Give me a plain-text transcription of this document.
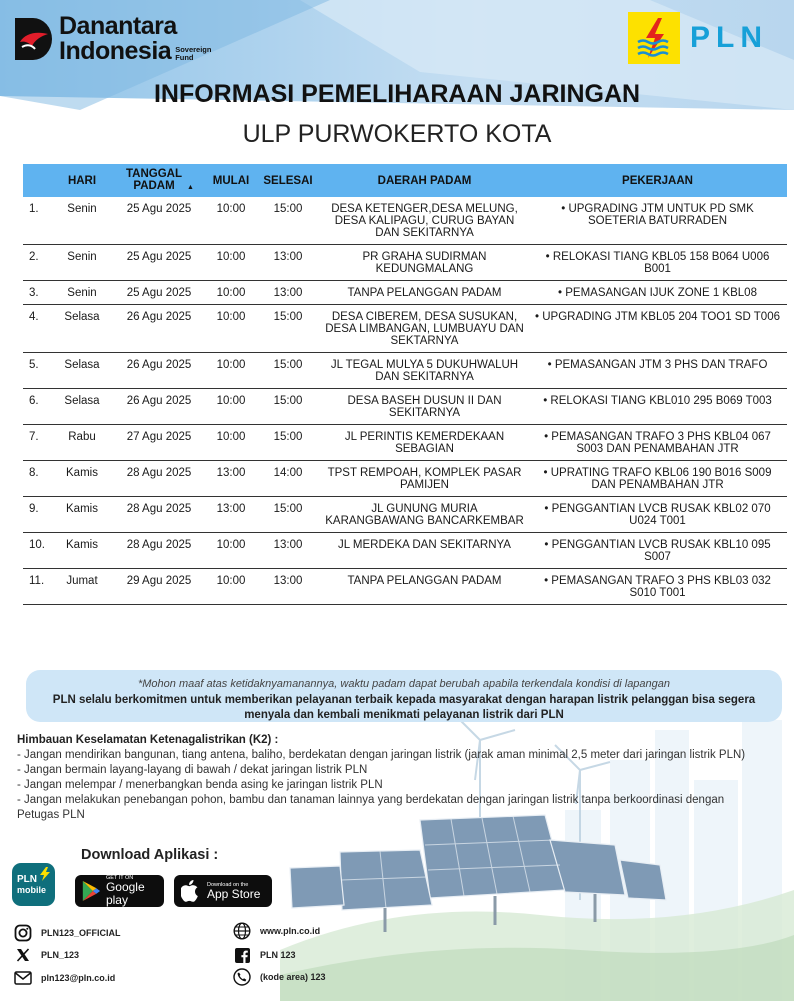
Danantara
Indonesia Sovereign
Fund
PLN
INFORMASI PEMELIHARAAN JARINGAN
ULP PURWOKERTO KOTA
	HARI	TANGGAL PADAM ▲	MULAI	SELESAI	DAERAH PADAM	PEKERJAAN
1.	Senin	25 Agu 2025	10:00	15:00	DESA KETENGER,DESA MELUNG, DESA KALIPAGU, CURUG BAYAN DAN SEKITARNYA	• UPGRADING JTM UNTUK PD SMK SOETERIA BATURRADEN
2.	Senin	25 Agu 2025	10:00	13:00	PR GRAHA SUDIRMAN KEDUNGMALANG	• RELOKASI TIANG KBL05 158 B064 U006 B001
3.	Senin	25 Agu 2025	10:00	13:00	TANPA PELANGGAN PADAM	• PEMASANGAN IJUK ZONE 1 KBL08
4.	Selasa	26 Agu 2025	10:00	15:00	DESA CIBEREM, DESA SUSUKAN, DESA LIMBANGAN, LUMBUAYU DAN SEKTARNYA	• UPGRADING JTM KBL05 204 TOO1 SD T006
5.	Selasa	26 Agu 2025	10:00	15:00	JL TEGAL MULYA 5 DUKUHWALUH DAN SEKITARNYA	• PEMASANGAN JTM 3 PHS DAN TRAFO
6.	Selasa	26 Agu 2025	10:00	15:00	DESA BASEH DUSUN II DAN SEKITARNYA	• RELOKASI TIANG KBL010 295 B069 T003
7.	Rabu	27 Agu 2025	10:00	15:00	JL PERINTIS KEMERDEKAAN SEBAGIAN	• PEMASANGAN TRAFO 3 PHS KBL04 067 S003 DAN PENAMBAHAN JTR
8.	Kamis	28 Agu 2025	13:00	14:00	TPST REMPOAH, KOMPLEK PASAR PAMIJEN	• UPRATING TRAFO KBL06 190 B016 S009 DAN PENAMBAHAN JTR
9.	Kamis	28 Agu 2025	13:00	15:00	JL GUNUNG MURIA KARANGBAWANG BANCARKEMBAR	• PENGGANTIAN LVCB RUSAK KBL02 070 U024 T001
10.	Kamis	28 Agu 2025	10:00	13:00	JL MERDEKA DAN SEKITARNYA	• PENGGANTIAN LVCB RUSAK KBL10 095 S007
11.	Jumat	29 Agu 2025	10:00	13:00	TANPA PELANGGAN PADAM	• PEMASANGAN TRAFO 3 PHS KBL03 032 S010 T001
*Mohon maaf atas ketidaknyamanannya, waktu padam dapat berubah apabila terkendala kondisi di lapangan
PLN selalu berkomitmen untuk memberikan pelayanan terbaik kepada masyarakat dengan harapan listrik pelanggan bisa segera menyala dan kembali menikmati pelayanan listrik dari PLN
Himbauan Keselamatan Ketenagalistrikan (K2) :
- Jangan mendirikan bangunan, tiang antena, baliho, berdekatan dengan jaringan listrik (jarak aman minimal 2,5 meter dari jaringan listrik PLN)
- Jangan bermain layang-layang di bawah / dekat jaringan listrik PLN
- Jangan melempar / menerbangkan benda asing ke jaringan listrik PLN
- Jangan melakukan penebangan pohon, bambu dan tanaman lainnya yang berdekatan dengan jaringan listrik tanpa berkoordinasi dengan Petugas PLN
Download Aplikasi :
PLN
mobile
GET IT ON
Google play
Download on the
App Store
PLN123_OFFICIAL
PLN_123
pln123@pln.co.id
www.pln.co.id
PLN 123
(kode area) 123
